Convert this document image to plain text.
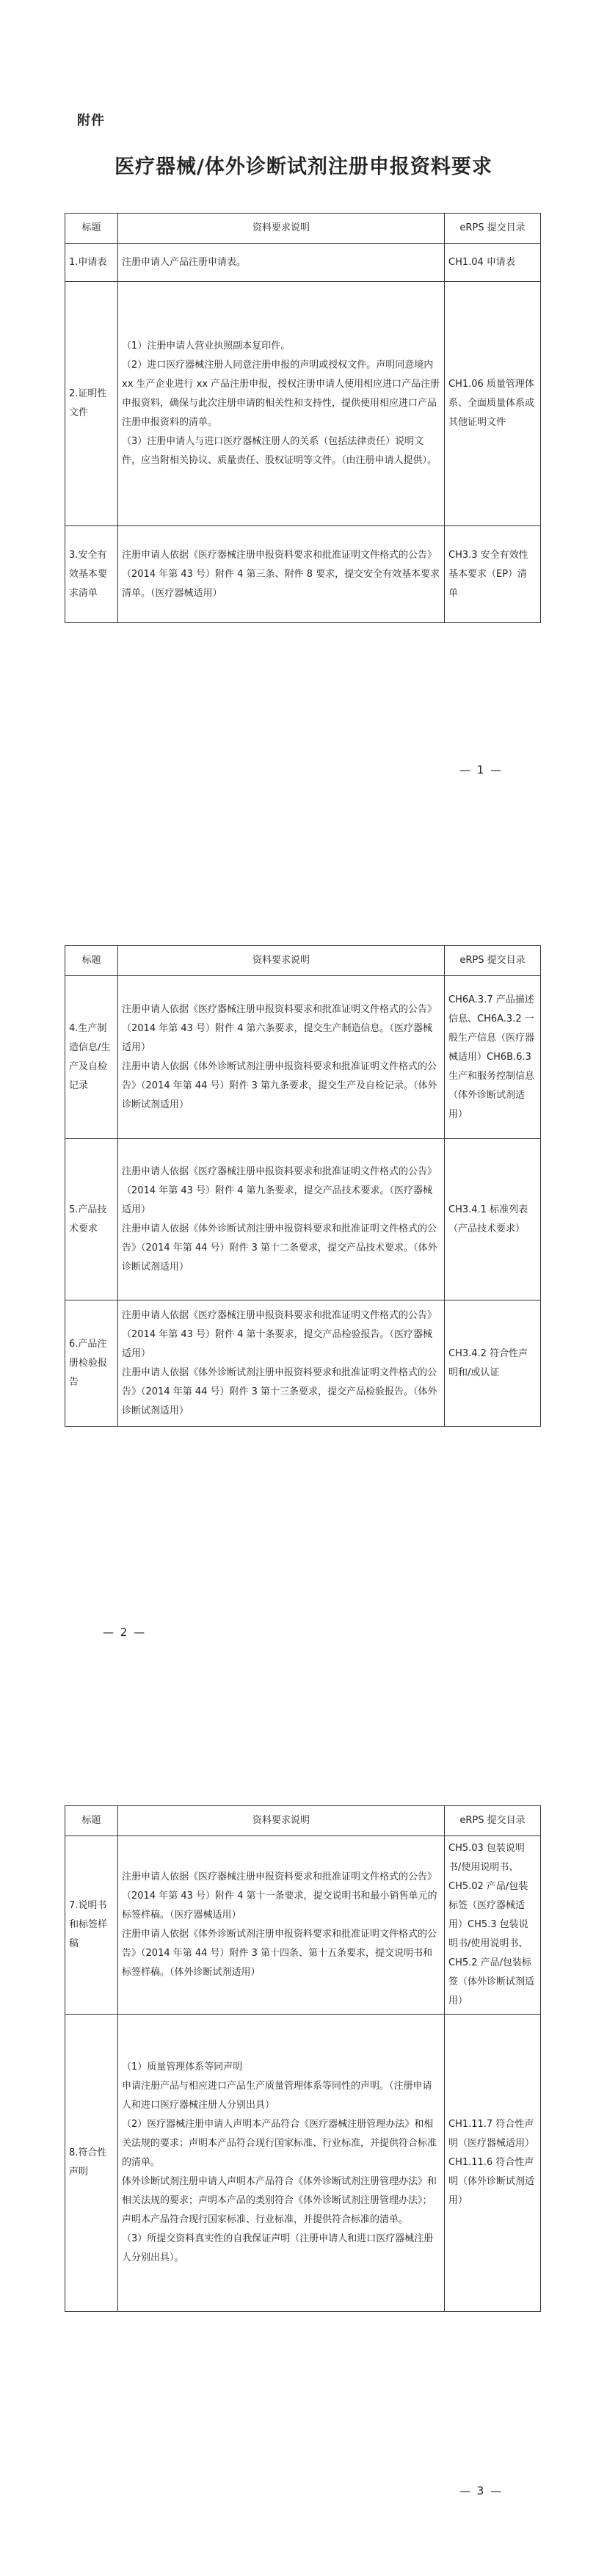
附件
医疗器械/体外诊断试剂注册申报资料要求
标题	资料要求说明	eRPS 提交目录
1.申请表	注册申请人产品注册申请表。	CH1.04 申请表
2.证明性文件	（1）注册申请人营业执照副本复印件。

（2）进口医疗器械注册人同意注册申报的声明或授权文件。声明同意境内 xx 生产企业进行 xx 产品注册申报，授权注册申请人使用相应进口产品注册申报资料，确保与此次注册申请的相关性和支持性，提供使用相应进口产品注册申报资料的清单。

（3）注册申请人与进口医疗器械注册人的关系（包括法律责任）说明文件，应当附相关协议、质量责任、股权证明等文件。（由注册申请人提供）。	CH1.06 质量管理体系、全面质量体系或其他证明文件
3.安全有效基本要求清单	注册申请人依据《医疗器械注册申报资料要求和批准证明文件格式的公告》（2014 年第 43 号）附件 4 第三条、附件 8 要求，提交安全有效基本要求清单。（医疗器械适用）	CH3.3 安全有效性基本要求（EP）清单
— 1 —
标题	资料要求说明	eRPS 提交目录
4.生产制造信息/生产及自检记录	注册申请人依据《医疗器械注册申报资料要求和批准证明文件格式的公告》（2014 年第 43 号）附件 4 第六条要求，提交生产制造信息。（医疗器械适用）

注册申请人依据《体外诊断试剂注册申报资料要求和批准证明文件格式的公告》（2014 年第 44 号）附件 3 第九条要求，提交生产及自检记录。（体外诊断试剂适用）	CH6A.3.7 产品描述信息、CH6A.3.2 一般生产信息（医疗器械适用）CH6B.6.3 生产和服务控制信息（体外诊断试剂适用）
5.产品技术要求	注册申请人依据《医疗器械注册申报资料要求和批准证明文件格式的公告》（2014 年第 43 号）附件 4 第九条要求，提交产品技术要求。（医疗器械适用）

注册申请人依据《体外诊断试剂注册申报资料要求和批准证明文件格式的公告》（2014 年第 44 号）附件 3 第十二条要求，提交产品技术要求。（体外诊断试剂适用）	CH3.4.1 标准列表（产品技术要求）
6.产品注册检验报告	注册申请人依据《医疗器械注册申报资料要求和批准证明文件格式的公告》（2014 年第 43 号）附件 4 第十条要求，提交产品检验报告。（医疗器械适用）

注册申请人依据《体外诊断试剂注册申报资料要求和批准证明文件格式的公告》（2014 年第 44 号）附件 3 第十三条要求，提交产品检验报告。（体外诊断试剂适用）	CH3.4.2 符合性声明和/或认证
— 2 —
标题	资料要求说明	eRPS 提交目录
7.说明书和标签样稿	注册申请人依据《医疗器械注册申报资料要求和批准证明文件格式的公告》（2014 年第 43 号）附件 4 第十一条要求，提交说明书和最小销售单元的标签样稿。（医疗器械适用）

注册申请人依据《体外诊断试剂注册申报资料要求和批准证明文件格式的公告》（2014 年第 44 号）附件 3 第十四条、第十五条要求，提交说明书和标签样稿。（体外诊断试剂适用）	CH5.03 包装说明书/使用说明书、CH5.02 产品/包装标签（医疗器械适用）CH5.3 包装说明书/使用说明书、CH5.2 产品/包装标签（体外诊断试剂适用）
8.符合性声明	（1）质量管理体系等同声明

申请注册产品与相应进口产品生产质量管理体系等同性的声明。（注册申请人和进口医疗器械注册人分别出具）

（2）医疗器械注册申请人声明本产品符合《医疗器械注册管理办法》和相关法规的要求；声明本产品符合现行国家标准、行业标准，并提供符合标准的清单。

体外诊断试剂注册申请人声明本产品符合《体外诊断试剂注册管理办法》和相关法规的要求；声明本产品的类别符合《体外诊断试剂注册管理办法》；声明本产品符合现行国家标准、行业标准，并提供符合标准的清单。

（3）所提交资料真实性的自我保证声明（注册申请人和进口医疗器械注册人分别出具）。	CH1.11.7 符合性声明（医疗器械适用）CH1.11.6 符合性声明（体外诊断试剂适用）
— 3 —
